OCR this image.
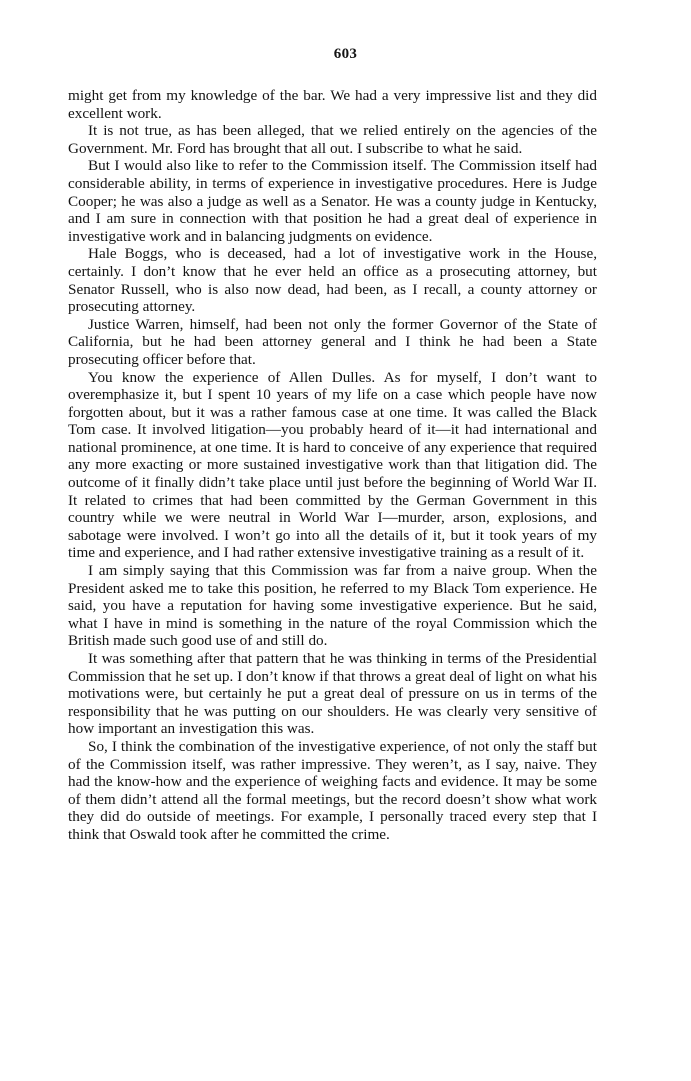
603

might get from my knowledge of the bar. We had a very impressive list and they did excellent work.

It is not true, as has been alleged, that we relied entirely on the agencies of the Government. Mr. Ford has brought that all out. I subscribe to what he said.

But I would also like to refer to the Commission itself. The Commission itself had considerable ability, in terms of experience in investigative procedures. Here is Judge Cooper; he was also a judge as well as a Senator. He was a county judge in Kentucky, and I am sure in connection with that position he had a great deal of experience in investigative work and in balancing judgments on evidence.

Hale Boggs, who is deceased, had a lot of investigative work in the House, certainly. I don’t know that he ever held an office as a prosecuting attorney, but Senator Russell, who is also now dead, had been, as I recall, a county attorney or prosecuting attorney.

Justice Warren, himself, had been not only the former Governor of the State of California, but he had been attorney general and I think he had been a State prosecuting officer before that.

You know the experience of Allen Dulles. As for myself, I don’t want to overemphasize it, but I spent 10 years of my life on a case which people have now forgotten about, but it was a rather famous case at one time. It was called the Black Tom case. It involved litigation—you probably heard of it—it had international and national prominence, at one time. It is hard to conceive of any experience that required any more exacting or more sustained investigative work than that litigation did. The outcome of it finally didn’t take place until just before the beginning of World War II. It related to crimes that had been committed by the German Government in this country while we were neutral in World War I—murder, arson, explosions, and sabotage were involved. I won’t go into all the details of it, but it took years of my time and experience, and I had rather extensive investigative training as a result of it.

I am simply saying that this Commission was far from a naive group. When the President asked me to take this position, he referred to my Black Tom experience. He said, you have a reputation for having some investigative experience. But he said, what I have in mind is something in the nature of the royal Commission which the British made such good use of and still do.

It was something after that pattern that he was thinking in terms of the Presidential Commission that he set up. I don’t know if that throws a great deal of light on what his motivations were, but certainly he put a great deal of pressure on us in terms of the responsibility that he was putting on our shoulders. He was clearly very sensitive of how important an investigation this was.

So, I think the combination of the investigative experience, of not only the staff but of the Commission itself, was rather impressive. They weren’t, as I say, naive. They had the know-how and the experience of weighing facts and evidence. It may be some of them didn’t attend all the formal meetings, but the record doesn’t show what work they did do outside of meetings. For example, I personally traced every step that I think that Oswald took after he committed the crime.
